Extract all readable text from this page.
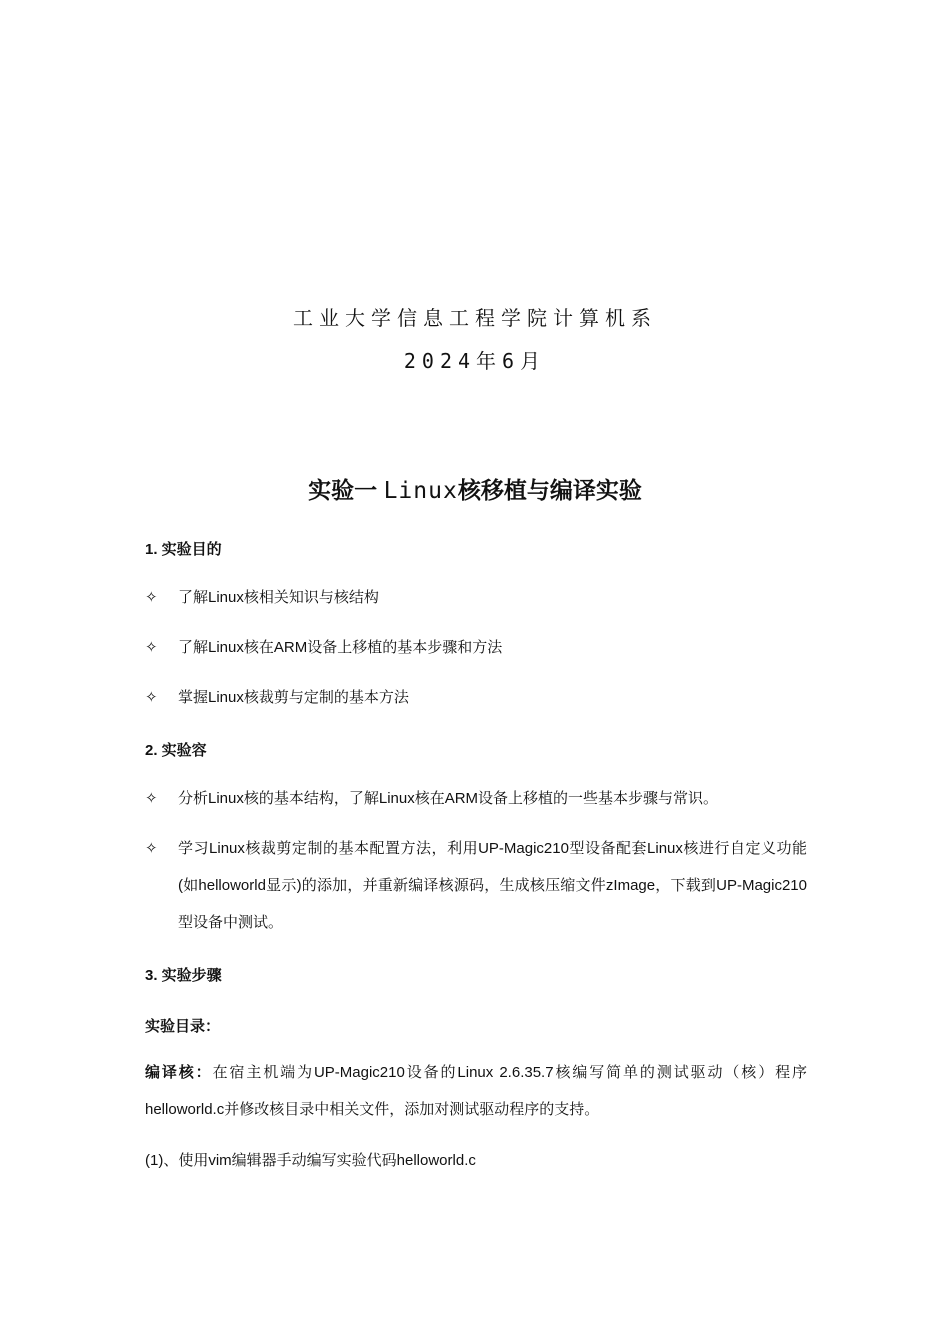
工业大学信息工程学院计算机系
2024年6月
实验一 Linux核移植与编译实验
1. 实验目的
✧	了解Linux核相关知识与核结构
✧	了解Linux核在ARM设备上移植的基本步骤和方法
✧	掌握Linux核裁剪与定制的基本方法
2. 实验容
✧	分析Linux核的基本结构，了解Linux核在ARM设备上移植的一些基本步骤与常识。
✧	学习Linux核裁剪定制的基本配置方法，利用UP-Magic210型设备配套Linux核进行自定义功能(如helloworld显示)的添加，并重新编译核源码，生成核压缩文件zImage，下载到UP-Magic210型设备中测试。
3. 实验步骤
实验目录：
编译核：在宿主机端为UP-Magic210设备的Linux 2.6.35.7核编写简单的测试驱动（核）程序helloworld.c并修改核目录中相关文件，添加对测试驱动程序的支持。
(1)、使用vim编辑器手动编写实验代码helloworld.c
